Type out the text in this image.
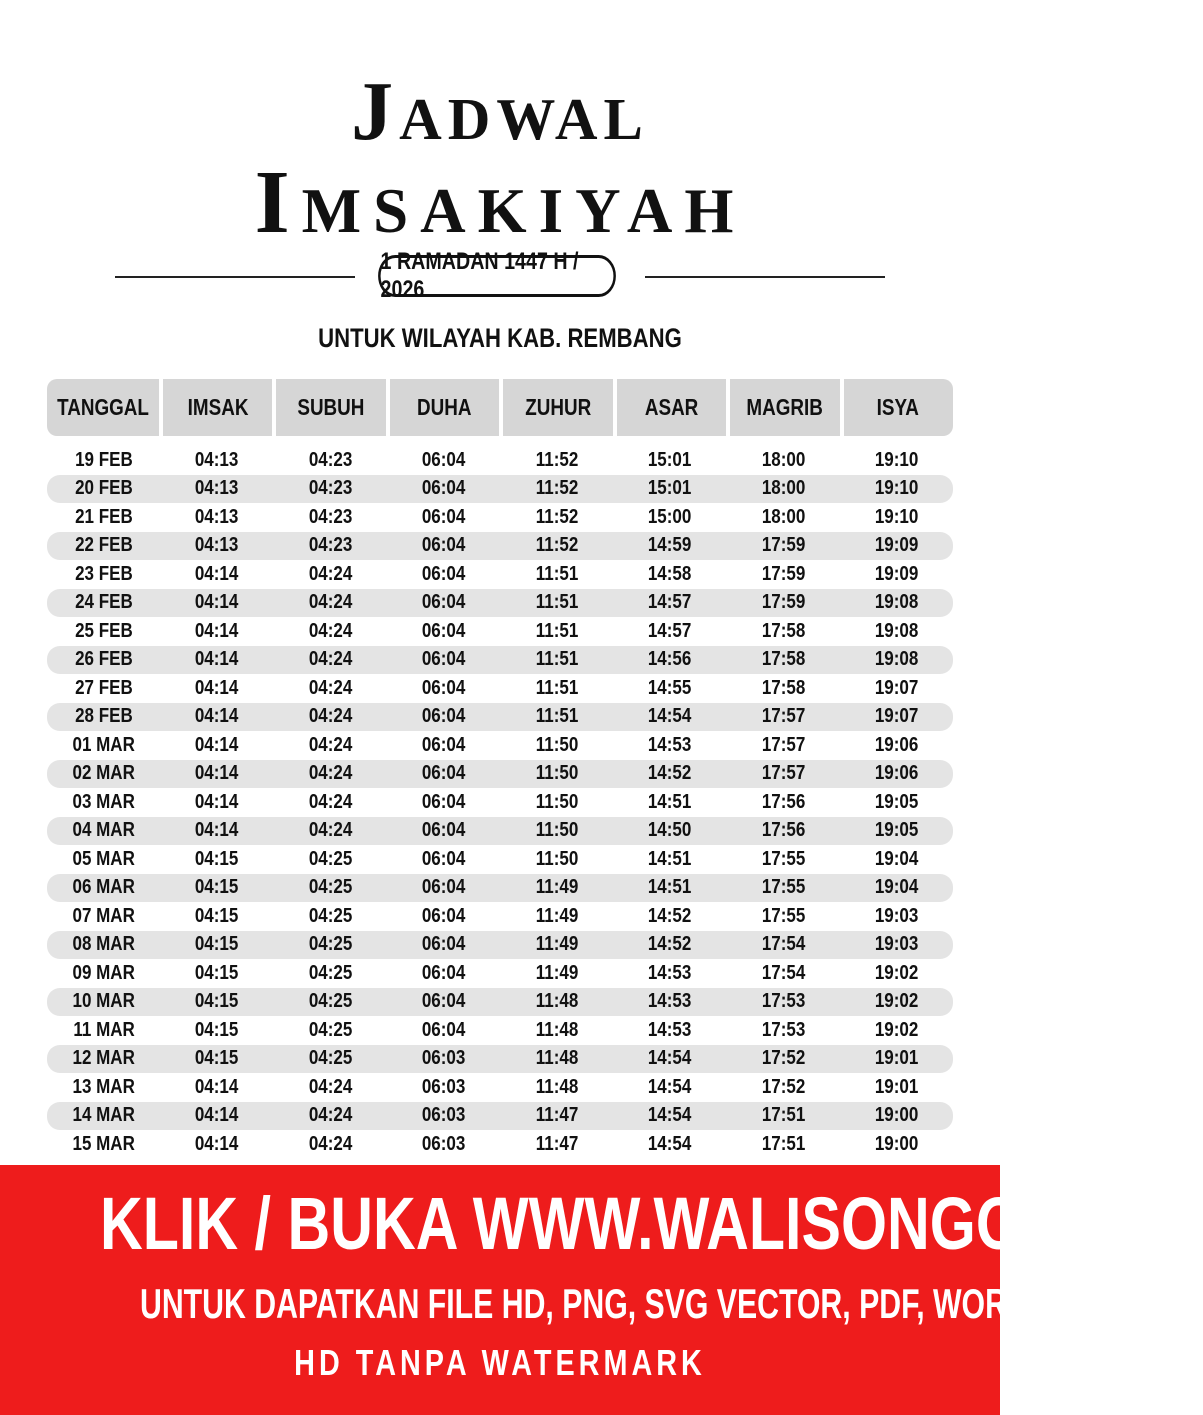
Jadwal
Imsakiyah
1 RAMADAN 1447 H / 2026
UNTUK WILAYAH KAB. REMBANG
TANGGAL IMSAK SUBUH DUHA ZUHUR ASAR MAGRIB ISYA
19 FEB	04:13	04:23	06:04	11:52	15:01	18:00	19:10
20 FEB	04:13	04:23	06:04	11:52	15:01	18:00	19:10
21 FEB	04:13	04:23	06:04	11:52	15:00	18:00	19:10
22 FEB	04:13	04:23	06:04	11:52	14:59	17:59	19:09
23 FEB	04:14	04:24	06:04	11:51	14:58	17:59	19:09
24 FEB	04:14	04:24	06:04	11:51	14:57	17:59	19:08
25 FEB	04:14	04:24	06:04	11:51	14:57	17:58	19:08
26 FEB	04:14	04:24	06:04	11:51	14:56	17:58	19:08
27 FEB	04:14	04:24	06:04	11:51	14:55	17:58	19:07
28 FEB	04:14	04:24	06:04	11:51	14:54	17:57	19:07
01 MAR	04:14	04:24	06:04	11:50	14:53	17:57	19:06
02 MAR	04:14	04:24	06:04	11:50	14:52	17:57	19:06
03 MAR	04:14	04:24	06:04	11:50	14:51	17:56	19:05
04 MAR	04:14	04:24	06:04	11:50	14:50	17:56	19:05
05 MAR	04:15	04:25	06:04	11:50	14:51	17:55	19:04
06 MAR	04:15	04:25	06:04	11:49	14:51	17:55	19:04
07 MAR	04:15	04:25	06:04	11:49	14:52	17:55	19:03
08 MAR	04:15	04:25	06:04	11:49	14:52	17:54	19:03
09 MAR	04:15	04:25	06:04	11:49	14:53	17:54	19:02
10 MAR	04:15	04:25	06:04	11:48	14:53	17:53	19:02
11 MAR	04:15	04:25	06:04	11:48	14:53	17:53	19:02
12 MAR	04:15	04:25	06:03	11:48	14:54	17:52	19:01
13 MAR	04:14	04:24	06:03	11:48	14:54	17:52	19:01
14 MAR	04:14	04:24	06:03	11:47	14:54	17:51	19:00
15 MAR	04:14	04:24	06:03	11:47	14:54	17:51	19:00
KLIK / BUKA WWW.WALISONGO.CO.ID
UNTUK DAPATKAN FILE HD, PNG, SVG VECTOR, PDF, WORD, EXCEL
HD TANPA WATERMARK
